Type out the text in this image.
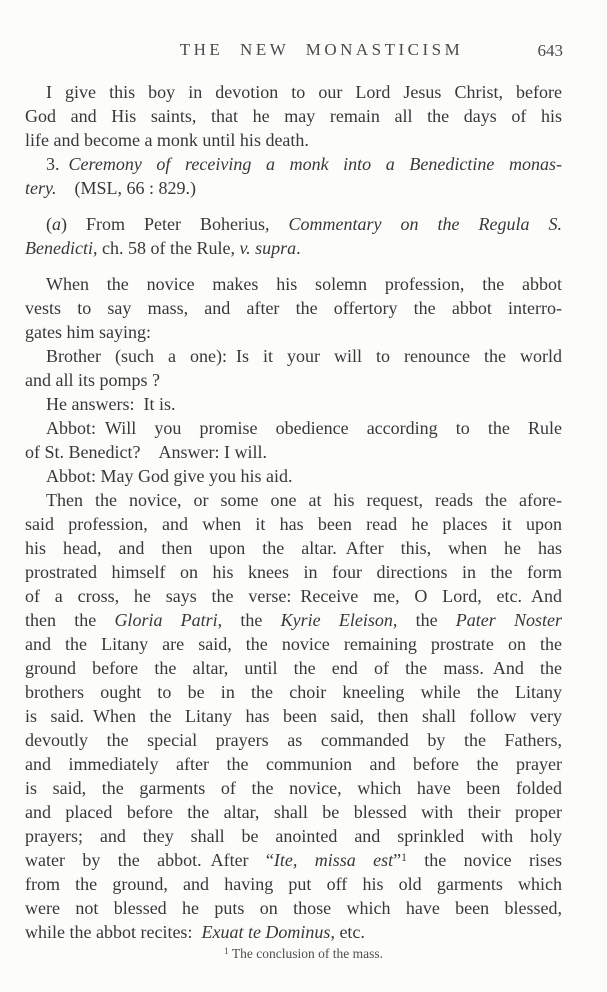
THE NEW MONASTICISM	643
I give this boy in devotion to our Lord Jesus Christ, before
God and His saints, that he may remain all the days of his
life and become a monk until his death.
3. Ceremony of receiving a monk into a Benedictine monas-
tery. (MSL, 66 : 829.)
(a) From Peter Boherius, Commentary on the Regula S.
Benedicti, ch. 58 of the Rule, v. supra.
When the novice makes his solemn profession, the abbot
vests to say mass, and after the offertory the abbot interro-
gates him saying:
Brother (such a one): Is it your will to renounce the world
and all its pomps ?
He answers: It is.
Abbot: Will you promise obedience according to the Rule
of St. Benedict? Answer: I will.
Abbot: May God give you his aid.
Then the novice, or some one at his request, reads the afore-
said profession, and when it has been read he places it upon
his head, and then upon the altar. After this, when he has
prostrated himself on his knees in four directions in the form
of a cross, he says the verse: Receive me, O Lord, etc. And
then the Gloria Patri, the Kyrie Eleison, the Pater Noster
and the Litany are said, the novice remaining prostrate on the
ground before the altar, until the end of the mass. And the
brothers ought to be in the choir kneeling while the Litany
is said. When the Litany has been said, then shall follow very
devoutly the special prayers as commanded by the Fathers,
and immediately after the communion and before the prayer
is said, the garments of the novice, which have been folded
and placed before the altar, shall be blessed with their proper
prayers; and they shall be anointed and sprinkled with holy
water by the abbot. After “Ite, missa est”$^1$ the novice rises
from the ground, and having put off his old garments which
were not blessed he puts on those which have been blessed,
while the abbot recites: Exuat te Dominus, etc.
$^1$ The conclusion of the mass.
